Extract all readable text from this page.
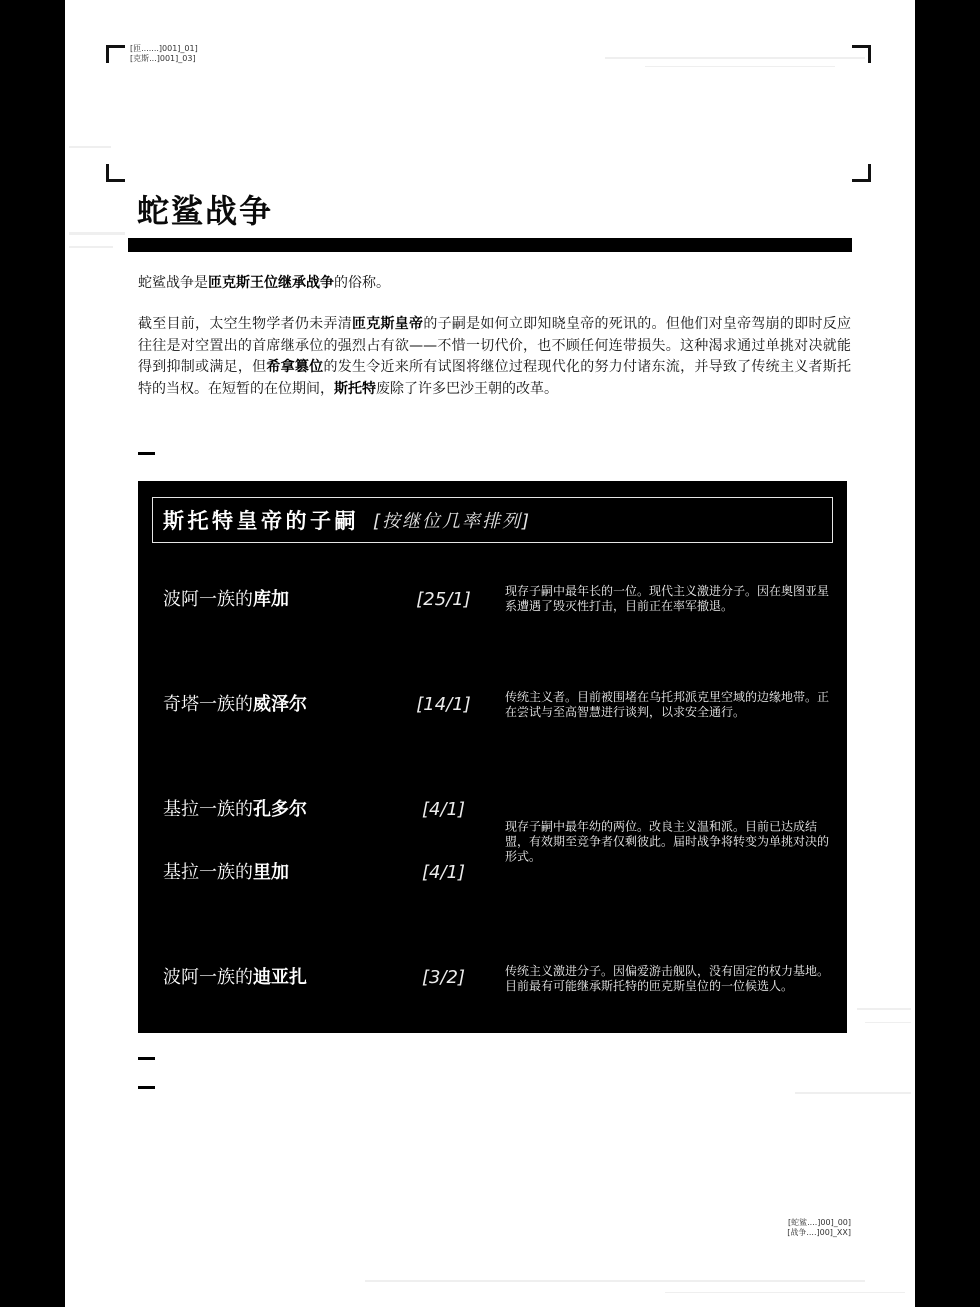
[匝.......]001]_01]
[克斯...]001]_03]
蛇鲨战争

蛇鲨战争是匝克斯王位继承战争的俗称。

截至目前，太空生物学者仍未弄清匝克斯皇帝的子嗣是如何立即知晓皇帝的死讯的。但他们对皇帝驾崩的即时反应往往是对空置出的首席继承位的强烈占有欲——不惜一切代价，也不顾任何连带损失。这种渴求通过单挑对决就能得到抑制或满足，但希拿篡位的发生令近来所有试图将继位过程现代化的努力付诸东流，并导致了传统主义者斯托特的当权。在短暂的在位期间，斯托特废除了许多巴沙王朝的改革。

斯托特皇帝的子嗣 [按继位几率排列]
波阿一族的库加	[25/1]	现存子嗣中最年长的一位。现代主义激进分子。因在奥图亚星系遭遇了毁灭性打击，目前正在率军撤退。
奇塔一族的威泽尔	[14/1]	传统主义者。目前被围堵在乌托邦派克里空域的边缘地带。正在尝试与至高智慧进行谈判，以求安全通行。
基拉一族的孔多尔	[4/1]
基拉一族的里加	[4/1]
现存子嗣中最年幼的两位。改良主义温和派。目前已达成结盟，有效期至竞争者仅剩彼此。届时战争将转变为单挑对决的形式。
波阿一族的迪亚扎	[3/2]	传统主义激进分子。因偏爱游击舰队，没有固定的权力基地。目前最有可能继承斯托特的匝克斯皇位的一位候选人。
[蛇鲨....]00]_00]
[战争....]00]_XX]
